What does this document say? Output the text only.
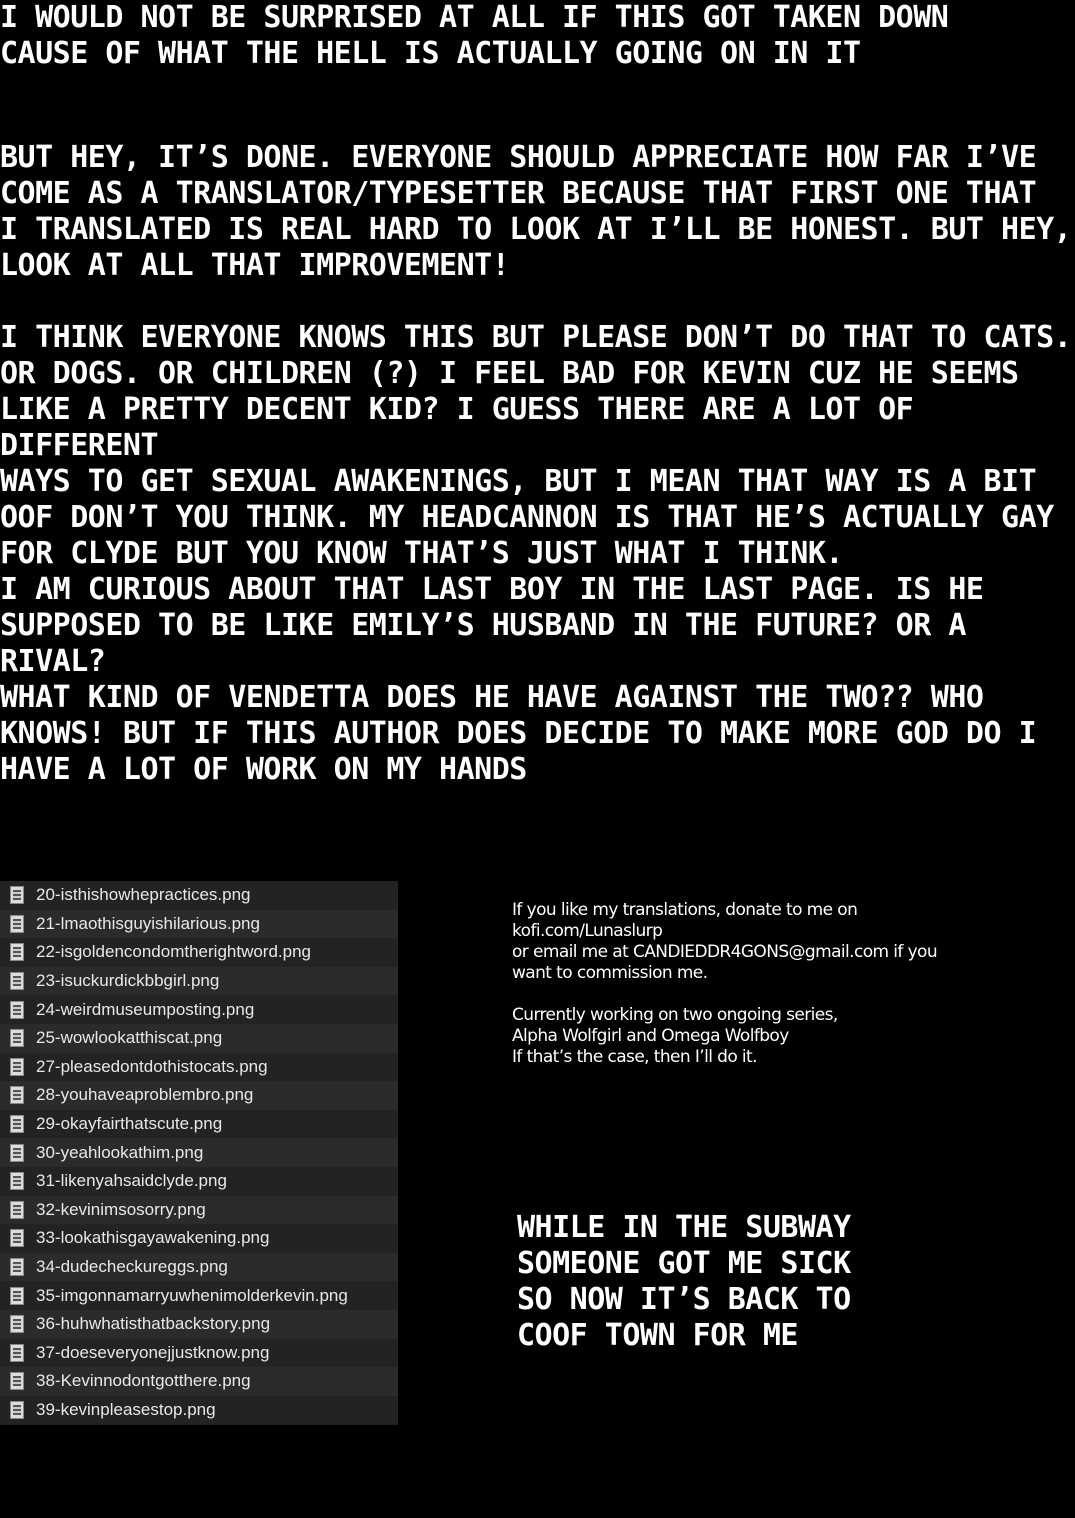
I WOULD NOT BE SURPRISED AT ALL IF THIS GOT TAKEN DOWN
CAUSE OF WHAT THE HELL IS ACTUALLY GOING ON IN IT

BUT HEY, IT’S DONE. EVERYONE SHOULD APPRECIATE HOW FAR I’VE
COME AS A TRANSLATOR/TYPESETTER BECAUSE THAT FIRST ONE THAT
I TRANSLATED IS REAL HARD TO LOOK AT I’LL BE HONEST. BUT HEY,
LOOK AT ALL THAT IMPROVEMENT!

I THINK EVERYONE KNOWS THIS BUT PLEASE DON’T DO THAT TO CATS.
OR DOGS. OR CHILDREN (?) I FEEL BAD FOR KEVIN CUZ HE SEEMS
LIKE A PRETTY DECENT KID? I GUESS THERE ARE A LOT OF DIFFERENT
WAYS TO GET SEXUAL AWAKENINGS, BUT I MEAN THAT WAY IS A BIT
OOF DON’T YOU THINK. MY HEADCANNON IS THAT HE’S ACTUALLY GAY
FOR CLYDE BUT YOU KNOW THAT’S JUST WHAT I THINK.

I AM CURIOUS ABOUT THAT LAST BOY IN THE LAST PAGE. IS HE
SUPPOSED TO BE LIKE EMILY’S HUSBAND IN THE FUTURE? OR A RIVAL?
WHAT KIND OF VENDETTA DOES HE HAVE AGAINST THE TWO?? WHO
KNOWS! BUT IF THIS AUTHOR DOES DECIDE TO MAKE MORE GOD DO I
HAVE A LOT OF WORK ON MY HANDS

20-isthishowhepractices.png
21-lmaothisguyishilarious.png
22-isgoldencondomtherightword.png
23-isuckurdickbbgirl.png
24-weirdmuseumposting.png
25-wowlookatthiscat.png
27-pleasedontdothistocats.png
28-youhaveaproblembro.png
29-okayfairthatscute.png
30-yeahlookathim.png
31-likenyahsaidclyde.png
32-kevinimsosorry.png
33-lookathisgayawakening.png
34-dudecheckureggs.png
35-imgonnamarryuwhenimolderkevin.png
36-huhwhatisthatbackstory.png
37-doeseveryonejjustknow.png
38-Kevinnodontgotthere.png
39-kevinpleasestop.png

If you like my translations, donate to me on
kofi.com/Lunaslurp
or email me at CANDIEDDR4GONS@gmail.com if you
want to commission me.

Currently working on two ongoing series,
Alpha Wolfgirl and Omega Wolfboy
If that’s the case, then I’ll do it.

WHILE IN THE SUBWAY
SOMEONE GOT ME SICK
SO NOW IT’S BACK TO
COOF TOWN FOR ME
